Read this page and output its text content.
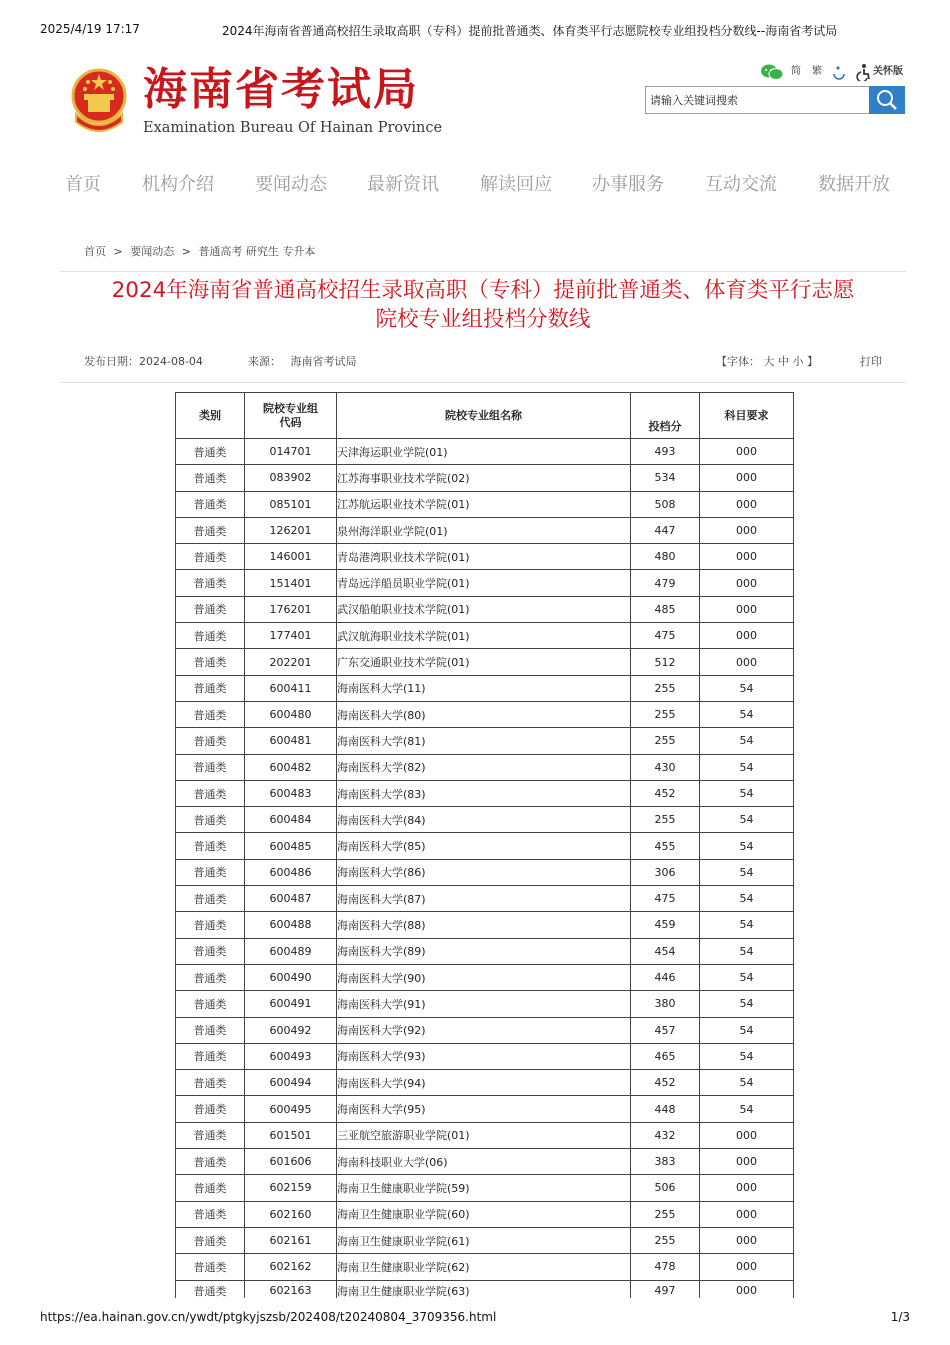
2025/4/19 17:17	2024年海南省普通高校招生录取高职（专科）提前批普通类、体育类平行志愿院校专业组投档分数线--海南省考试局
海南省考试局
Examination Bureau Of Hainan Province
简 繁	关怀版
请输入关键词搜索
首页 机构介绍 要闻动态 最新资讯 解读回应 办事服务 互动交流 数据开放
首页 > 要闻动态 > 普通高考 研究生 专升本
2024年海南省普通高校招生录取高职（专科）提前批普通类、体育类平行志愿
院校专业组投档分数线
发布日期：2024-08-04	来源： 海南省考试局	【字体： 大 中 小 】	打印
类别	院校专业组代码	院校专业组名称	投档分	科目要求
普通类	014701	天津海运职业学院(01)	493	000
普通类	083902	江苏海事职业技术学院(02)	534	000
普通类	085101	江苏航运职业技术学院(01)	508	000
普通类	126201	泉州海洋职业学院(01)	447	000
普通类	146001	青岛港湾职业技术学院(01)	480	000
普通类	151401	青岛远洋船员职业学院(01)	479	000
普通类	176201	武汉船舶职业技术学院(01)	485	000
普通类	177401	武汉航海职业技术学院(01)	475	000
普通类	202201	广东交通职业技术学院(01)	512	000
普通类	600411	海南医科大学(11)	255	54
普通类	600480	海南医科大学(80)	255	54
普通类	600481	海南医科大学(81)	255	54
普通类	600482	海南医科大学(82)	430	54
普通类	600483	海南医科大学(83)	452	54
普通类	600484	海南医科大学(84)	255	54
普通类	600485	海南医科大学(85)	455	54
普通类	600486	海南医科大学(86)	306	54
普通类	600487	海南医科大学(87)	475	54
普通类	600488	海南医科大学(88)	459	54
普通类	600489	海南医科大学(89)	454	54
普通类	600490	海南医科大学(90)	446	54
普通类	600491	海南医科大学(91)	380	54
普通类	600492	海南医科大学(92)	457	54
普通类	600493	海南医科大学(93)	465	54
普通类	600494	海南医科大学(94)	452	54
普通类	600495	海南医科大学(95)	448	54
普通类	601501	三亚航空旅游职业学院(01)	432	000
普通类	601606	海南科技职业大学(06)	383	000
普通类	602159	海南卫生健康职业学院(59)	506	000
普通类	602160	海南卫生健康职业学院(60)	255	000
普通类	602161	海南卫生健康职业学院(61)	255	000
普通类	602162	海南卫生健康职业学院(62)	478	000
普通类	602163	海南卫生健康职业学院(63)	497	000
https://ea.hainan.gov.cn/ywdt/ptgkyjszsb/202408/t20240804_3709356.html	1/3
